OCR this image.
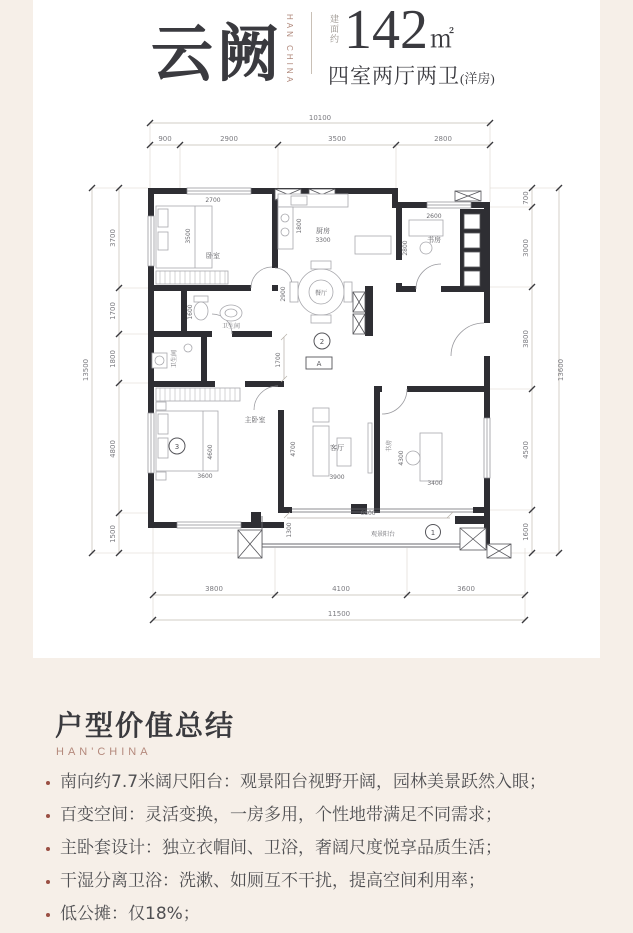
云阙 HAN CHINA	建面约 142 ㎡
四室两厅两卫(洋房)
10100
900	2900	3500	2800
13500
3700
1700
1800
4800
1500
13600
700
3000
3800
4500
1600
11500
3800	4100	3600
卧室
2700
3500	厨房
3300
1800
书房
2600
2800
餐厅
2900
卫生间
1600
卫生间
主卧室
3600
4600	客厅
3900
4700	书房
3400
4300
观景阳台
6800
1300
1700	A
1
2
3
户型价值总结
HAN'CHINA
南向约7.7米阔尺阳台：观景阳台视野开阔，园林美景跃然入眼；
百变空间：灵活变换，一房多用，个性地带满足不同需求；
主卧套设计：独立衣帽间、卫浴，奢阔尺度悦享品质生活；
干湿分离卫浴：洗漱、如厕互不干扰，提高空间利用率；
低公摊：仅18%；
